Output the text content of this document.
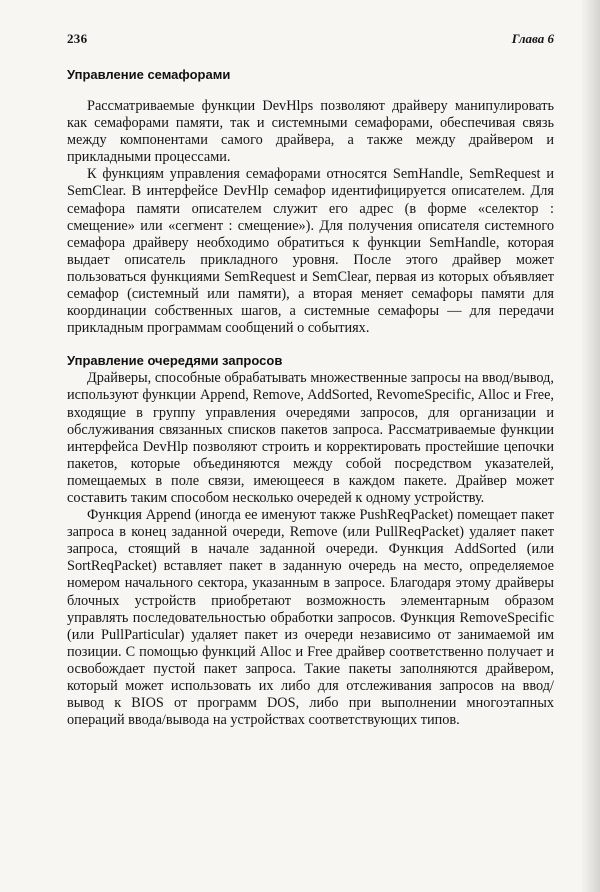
236	Глава 6
Управление семафорами

Рассматриваемые функции DevHlps позволяют драйверу манипулировать как семафорами памяти, так и системными семафорами, обеспечивая связь между компонентами самого драйвера, а также между драйвером и прикладными процессами.

К функциям управления семафорами относятся SemHandle, SemRequest и SemClear. В интерфейсе DevHlp семафор идентифицируется описателем. Для семафора памяти описателем служит его адрес (в форме «селектор : смещение» или «сегмент : смещение»). Для получения описателя системного семафора драйверу необходимо обратиться к функции SemHandle, которая выдает описатель прикладного уровня. После этого драйвер может пользоваться функциями SemRequest и SemClear, первая из которых объявляет семафор (системный или памяти), а вторая меняет семафоры памяти для координации собственных шагов, а системные семафоры — для передачи прикладным программам сообщений о событиях.

Управление очередями запросов

Драйверы, способные обрабатывать множественные запросы на ввод/вывод, используют функции Append, Remove, AddSorted, RevomeSpecific, Alloc и Free, входящие в группу управления очередями запросов, для организации и обслуживания связанных списков пакетов запроса. Рассматриваемые функции интерфейса DevHlp позволяют строить и корректировать простейшие цепочки пакетов, которые объединяются между собой посредством указателей, помещаемых в поле связи, имеющееся в каждом пакете. Драйвер может составить таким способом несколько очередей к одному устройству.

Функция Append (иногда ее именуют также PushReqPacket) помещает пакет запроса в конец заданной очереди, Remove (или PullReqPacket) удаляет пакет запроса, стоящий в начале заданной очереди. Функция AddSorted (или SortReqPacket) вставляет пакет в заданную очередь на место, определяемое номером начального сектора, указанным в запросе. Благодаря этому драйверы блочных устройств приобретают возможность элементарным образом управлять последовательностью обработки запросов. Функция RemoveSpecific (или PullParticular) удаляет пакет из очереди независимо от занимаемой им позиции. С помощью функций Alloc и Free драйвер соответственно получает и освобождает пустой пакет запроса. Такие пакеты заполняются драйвером, который может использовать их либо для отслеживания запросов на ввод/вывод к BIOS от программ DOS, либо при выполнении многоэтапных операций ввода/вывода на устройствах соответствующих типов.
